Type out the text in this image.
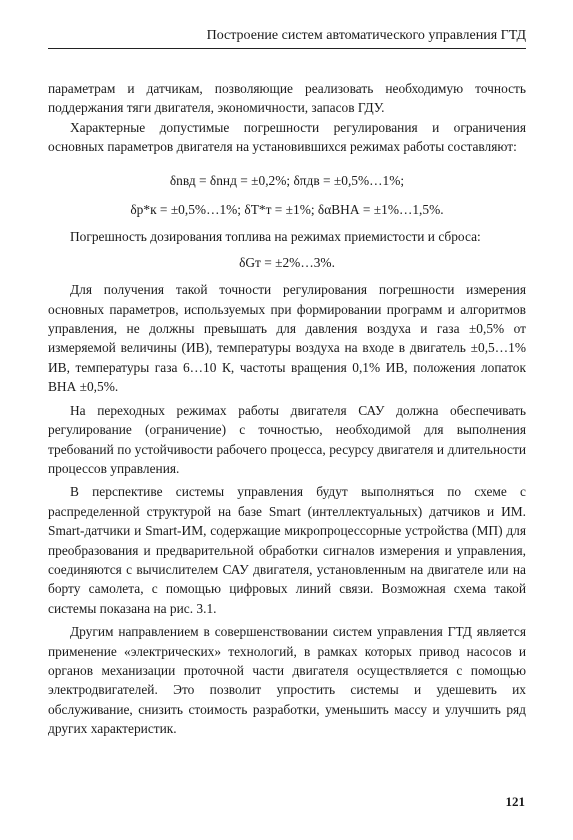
Построение систем автоматического управления ГТД

параметрам и датчикам, позволяющие реализовать необходимую точность поддержания тяги двигателя, экономичности, запасов ГДУ.

Характерные допустимые погрешности регулирования и ограничения основных параметров двигателя на установившихся режимах работы составляют:

δnвд = δnнд = ±0,2%; δπдв = ±0,5%…1%;
δp*к = ±0,5%…1%; δT*т = ±1%; δαВНА = ±1%…1,5%.

Погрешность дозирования топлива на режимах приемистости и сброса:

δGт = ±2%…3%.

Для получения такой точности регулирования погрешности измерения основных параметров, используемых при формировании программ и алгоритмов управления, не должны превышать для давления воздуха и газа ±0,5% от измеряемой величины (ИВ), температуры воздуха на входе в двигатель ±0,5…1% ИВ, температуры газа 6…10 К, частоты вращения 0,1% ИВ, положения лопаток ВНА ±0,5%.

На переходных режимах работы двигателя САУ должна обеспечивать регулирование (ограничение) с точностью, необходимой для выполнения требований по устойчивости рабочего процесса, ресурсу двигателя и длительности процессов управления.

В перспективе системы управления будут выполняться по схеме с распределенной структурой на базе Smart (интеллектуальных) датчиков и ИМ. Smart-датчики и Smart-ИМ, содержащие микропроцессорные устройства (МП) для преобразования и предварительной обработки сигналов измерения и управления, соединяются с вычислителем САУ двигателя, установленным на двигателе или на борту самолета, с помощью цифровых линий связи. Возможная схема такой системы показана на рис. 3.1.

Другим направлением в совершенствовании систем управления ГТД является применение «электрических» технологий, в рамках которых привод насосов и органов механизации проточной части двигателя осуществляется с помощью электродвигателей. Это позволит упростить системы и удешевить их обслуживание, снизить стоимость разработки, уменьшить массу и улучшить ряд других характеристик.

121
